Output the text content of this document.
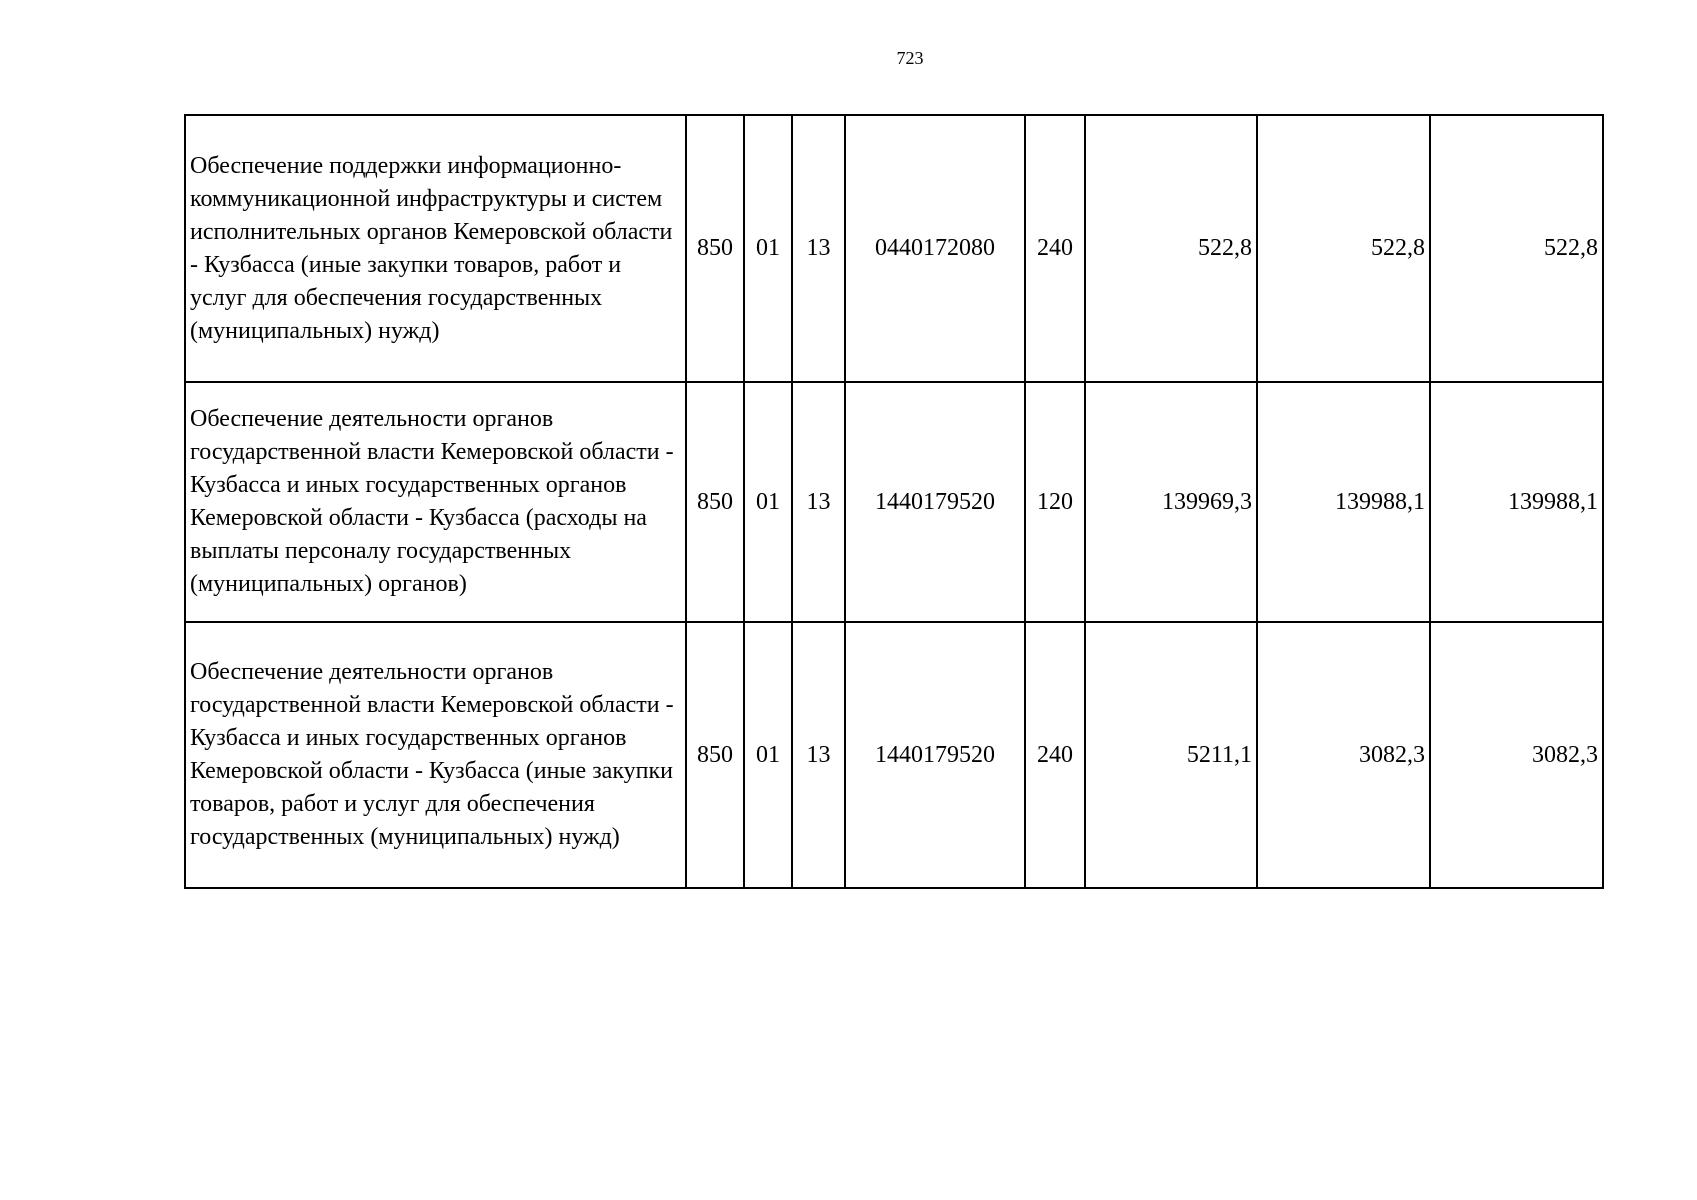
723
Обеспечение поддержки информационно-коммуникационной инфраструктуры и систем исполнительных органов Кемеровской области - Кузбасса (иные закупки товаров, работ и услуг для обеспечения государственных (муниципальных) нужд)	850	01	13	0440172080	240	522,8	522,8	522,8
Обеспечение деятельности органов государственной власти Кемеровской области - Кузбасса и иных государственных органов Кемеровской области - Кузбасса (расходы на выплаты персоналу государственных (муниципальных) органов)	850	01	13	1440179520	120	139969,3	139988,1	139988,1
Обеспечение деятельности органов государственной власти Кемеровской области - Кузбасса и иных государственных органов Кемеровской области - Кузбасса (иные закупки товаров, работ и услуг для обеспечения государственных (муниципальных) нужд)	850	01	13	1440179520	240	5211,1	3082,3	3082,3
